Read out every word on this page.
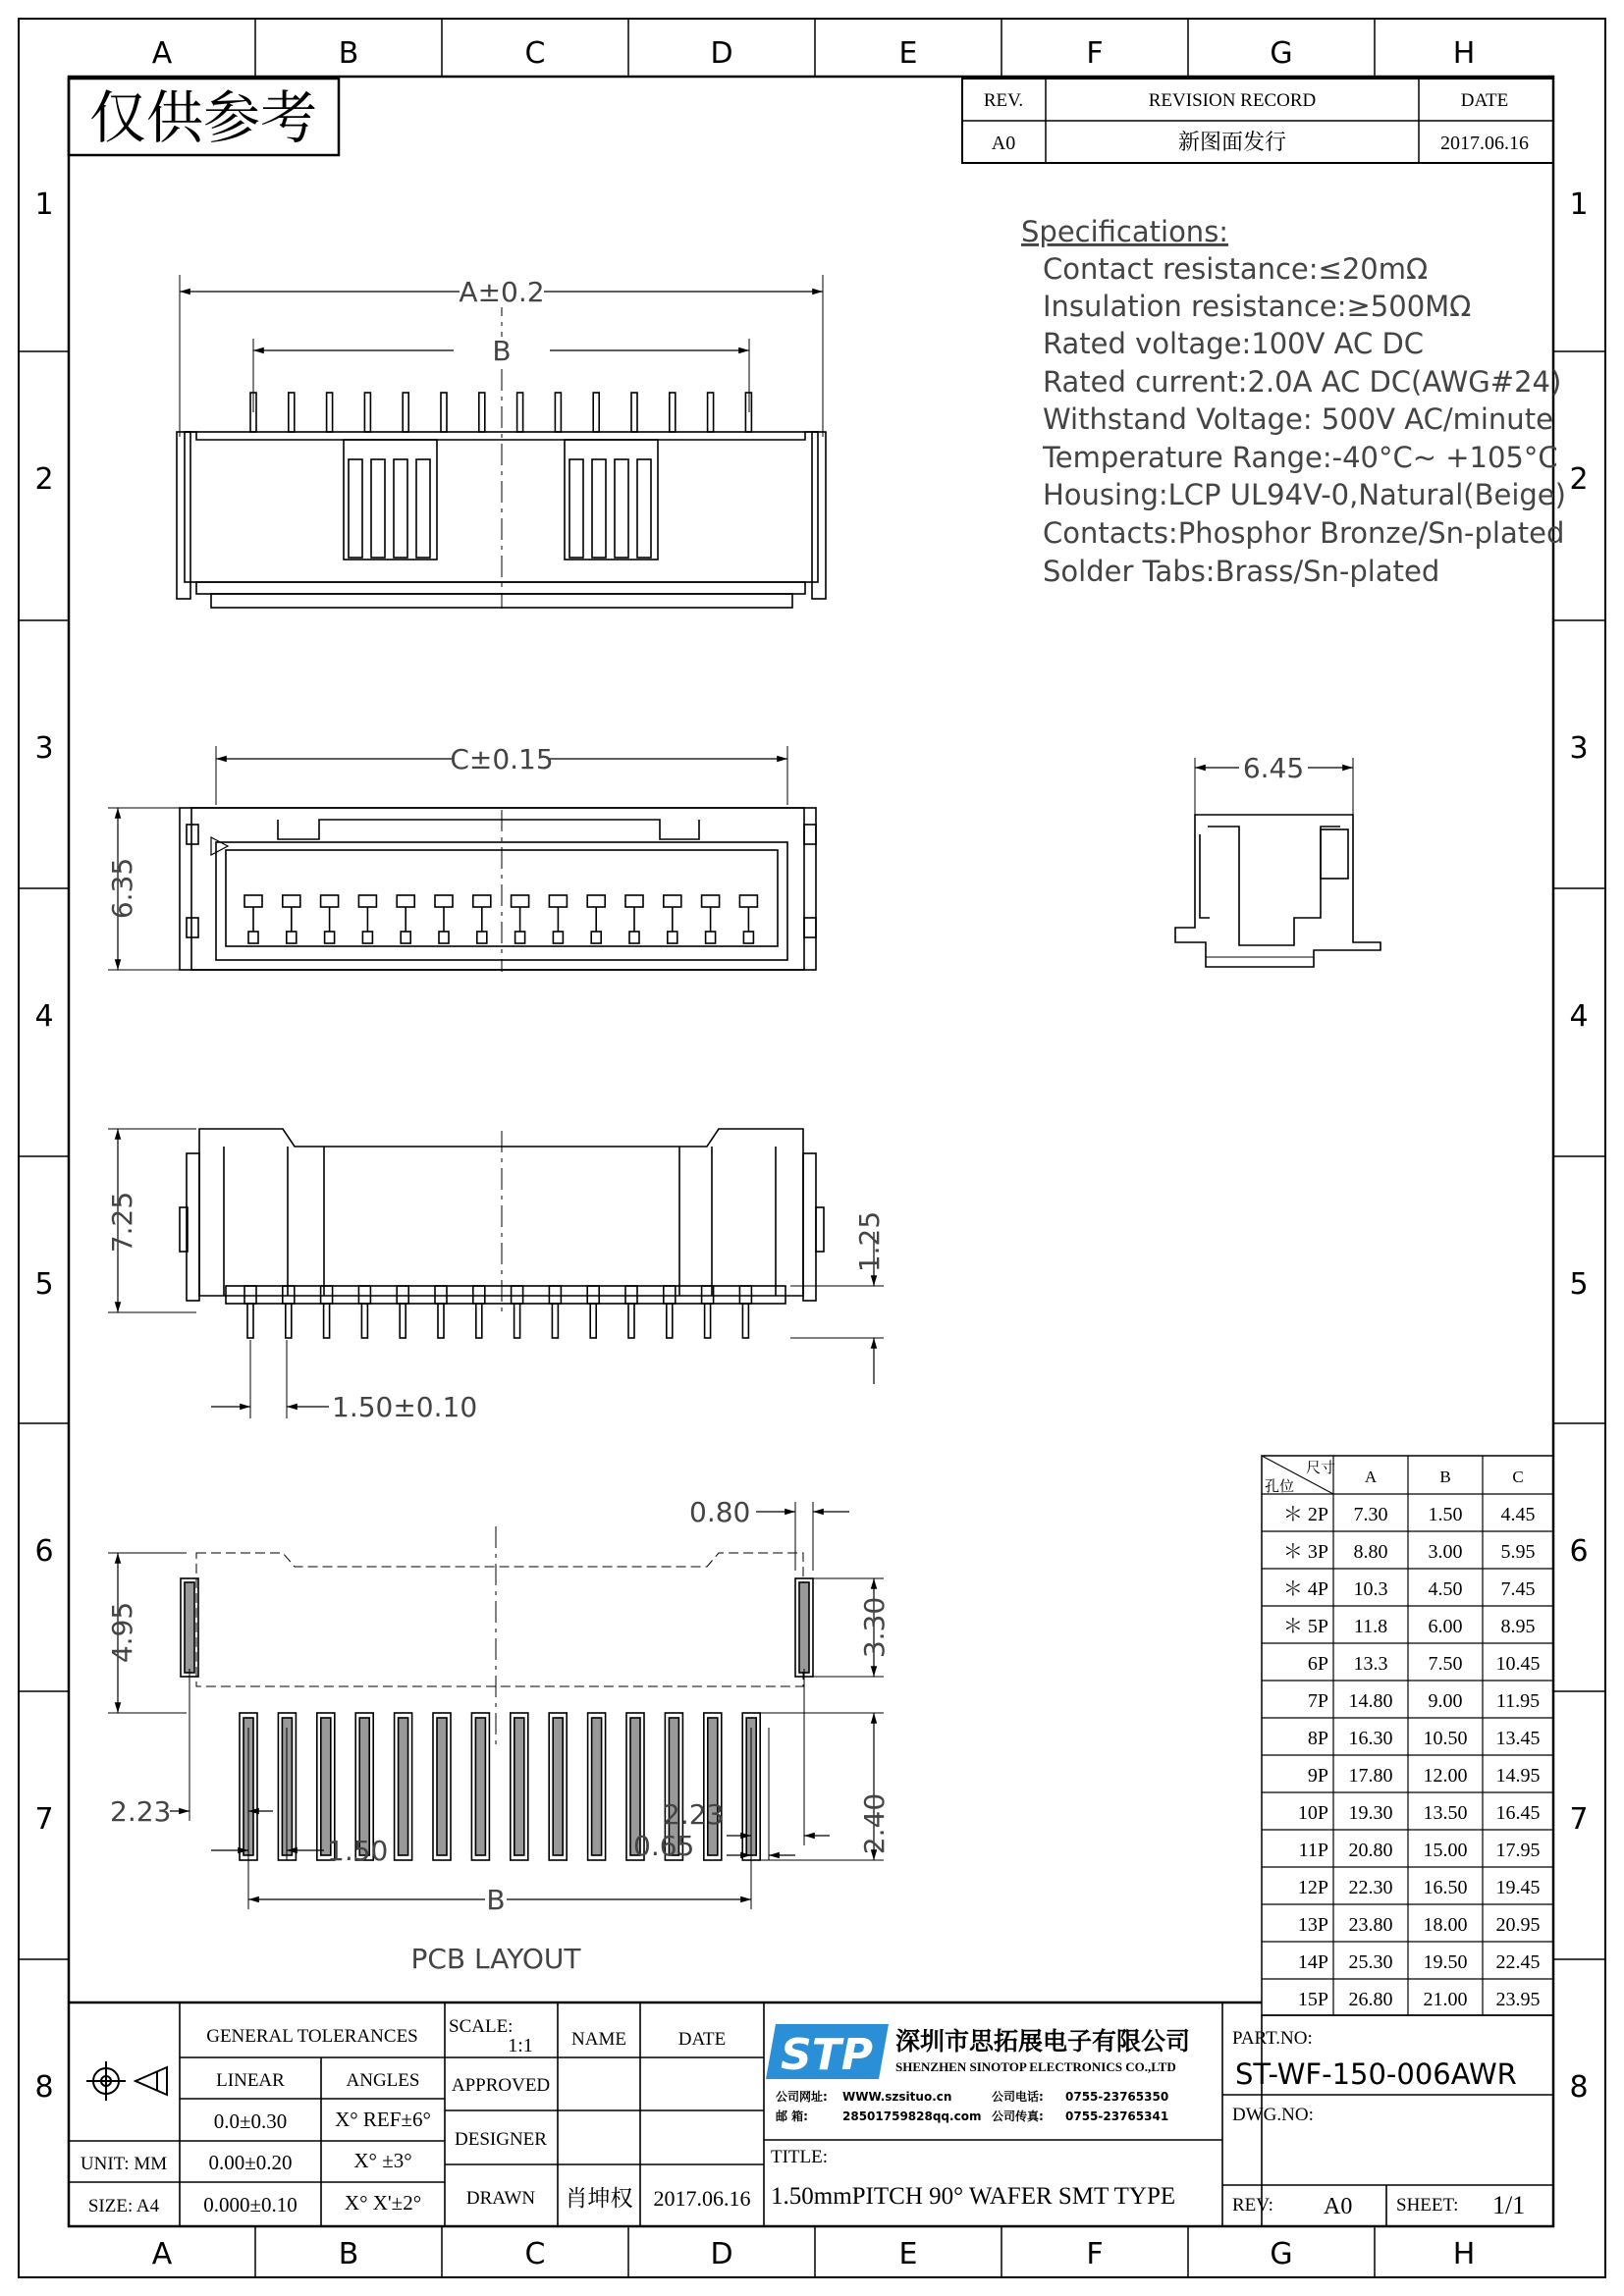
A
A
B
B
C
C
D
D
E
E
F
F
G
G
H
H
1	1
2	2
3	3
4	4
5	5
6	6
7	7
8	8
仅供参考	REV.	REVISION RECORD	DATE
A0	新图面发行	2017.06.16
Specifications:
Contact resistance:≤20mΩ
Insulation resistance:≥500MΩ
Rated voltage:100V AC DC
Rated current:2.0A AC DC(AWG#24)
Withstand Voltage: 500V AC/minute
Temperature Range:-40°C~ +105°C
Housing:LCP UL94V-0,Natural(Beige)
Contacts:Phosphor Bronze/Sn-plated
Solder Tabs:Brass/Sn-plated
A±0.2
B
C±0.15
6.35
6.45
7.25	1.25
1.50±0.10
0.80
4.95	3.30
2.23	2.23
1.50	0.65	2.40
B
PCB LAYOUT
尺寸
孔位
A	B	C
＊ 2P 7.30 1.50 4.45
＊ 3P 8.80 3.00 5.95
＊ 4P 10.3 4.50 7.45
＊ 5P 11.8 6.00 8.95
6P 13.3 7.50 10.45
7P 14.80 9.00 11.95
8P 16.30 10.50 13.45
9P 17.80 12.00 14.95
10P 19.30 13.50 16.45
11P 20.80 15.00 17.95
12P 22.30 16.50 19.45
13P 23.80 18.00 20.95
14P 25.30 19.50 22.45
15P 26.80 21.00 23.95
GENERAL TOLERANCES
LINEAR	ANGLES
0.0±0.30 X° REF±6°
0.00±0.20	X° ±3°
0.000±0.10 X° X'±2°
UNIT: MM
SIZE: A4
NAME	DATE
APPROVED
DESIGNER
DRAWN 肖坤权 2017.06.16
1:1
SCALE:
STP 深圳市思拓展电子有限公司
SHENZHEN SINOTOP ELECTRONICS CO.,LTD
公司网址: WWW.szsituo.cn	公司电话: 0755-23765350
邮 箱:	28501759828qq.com 公司传真: 0755-23765341
TITLE:
1.50mmPITCH 90° WAFER SMT TYPE
PART.NO:
ST-WF-150-006AWR
DWG.NO:
REV: A0 SHEET: 1/1
